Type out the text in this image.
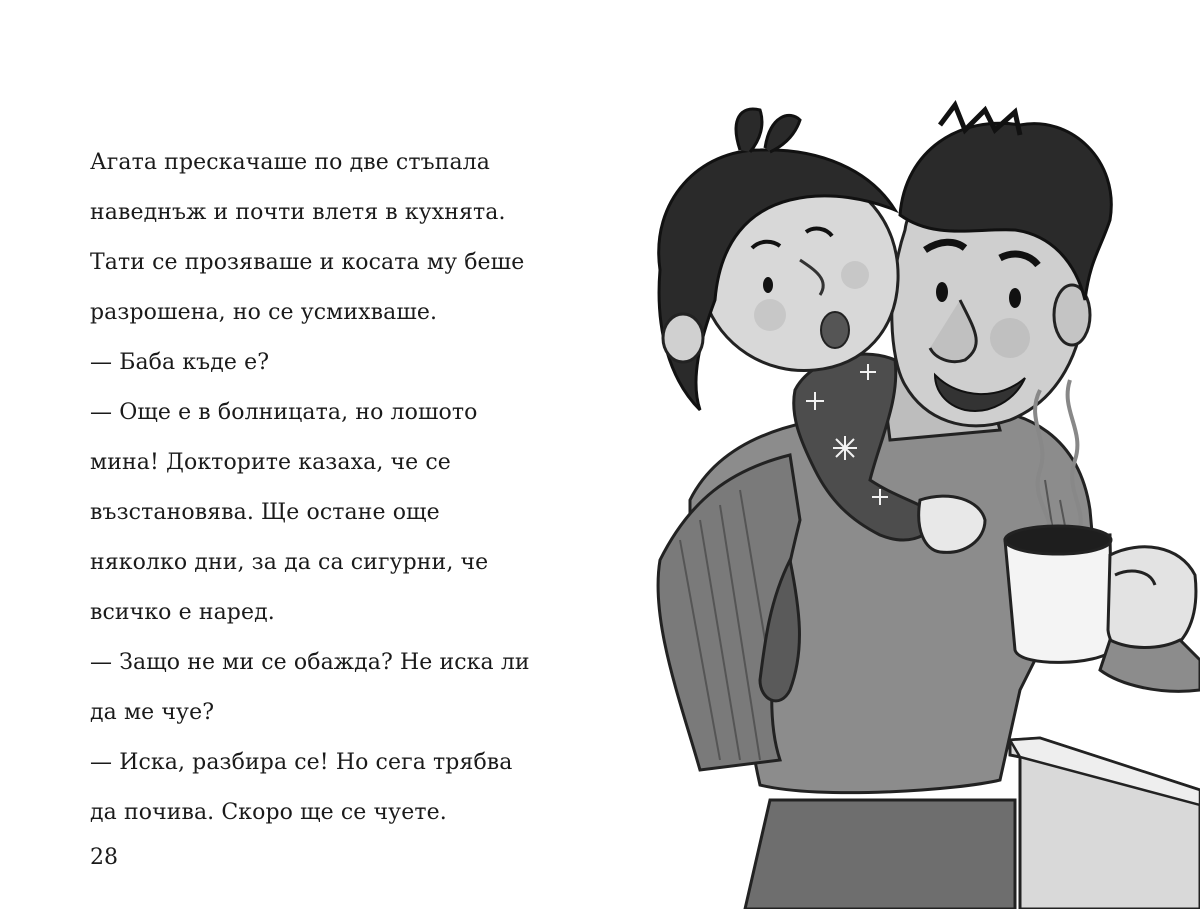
Агата прескачаше по две стъпала
наведнъж и почти влетя в кухнята.
Тати се прозяваше и косата му беше
разрошена, но се усмихваше.
— Баба къде е?
— Още е в болницата, но лошото
мина! Докторите казаха, че се
възстановява. Ще остане още
няколко дни, за да са сигурни, че
всичко е наред.
— Защо не ми се обажда? Не иска ли
да ме чуе?
— Иска, разбира се! Но сега трябва
да почива. Скоро ще се чуете.
28
